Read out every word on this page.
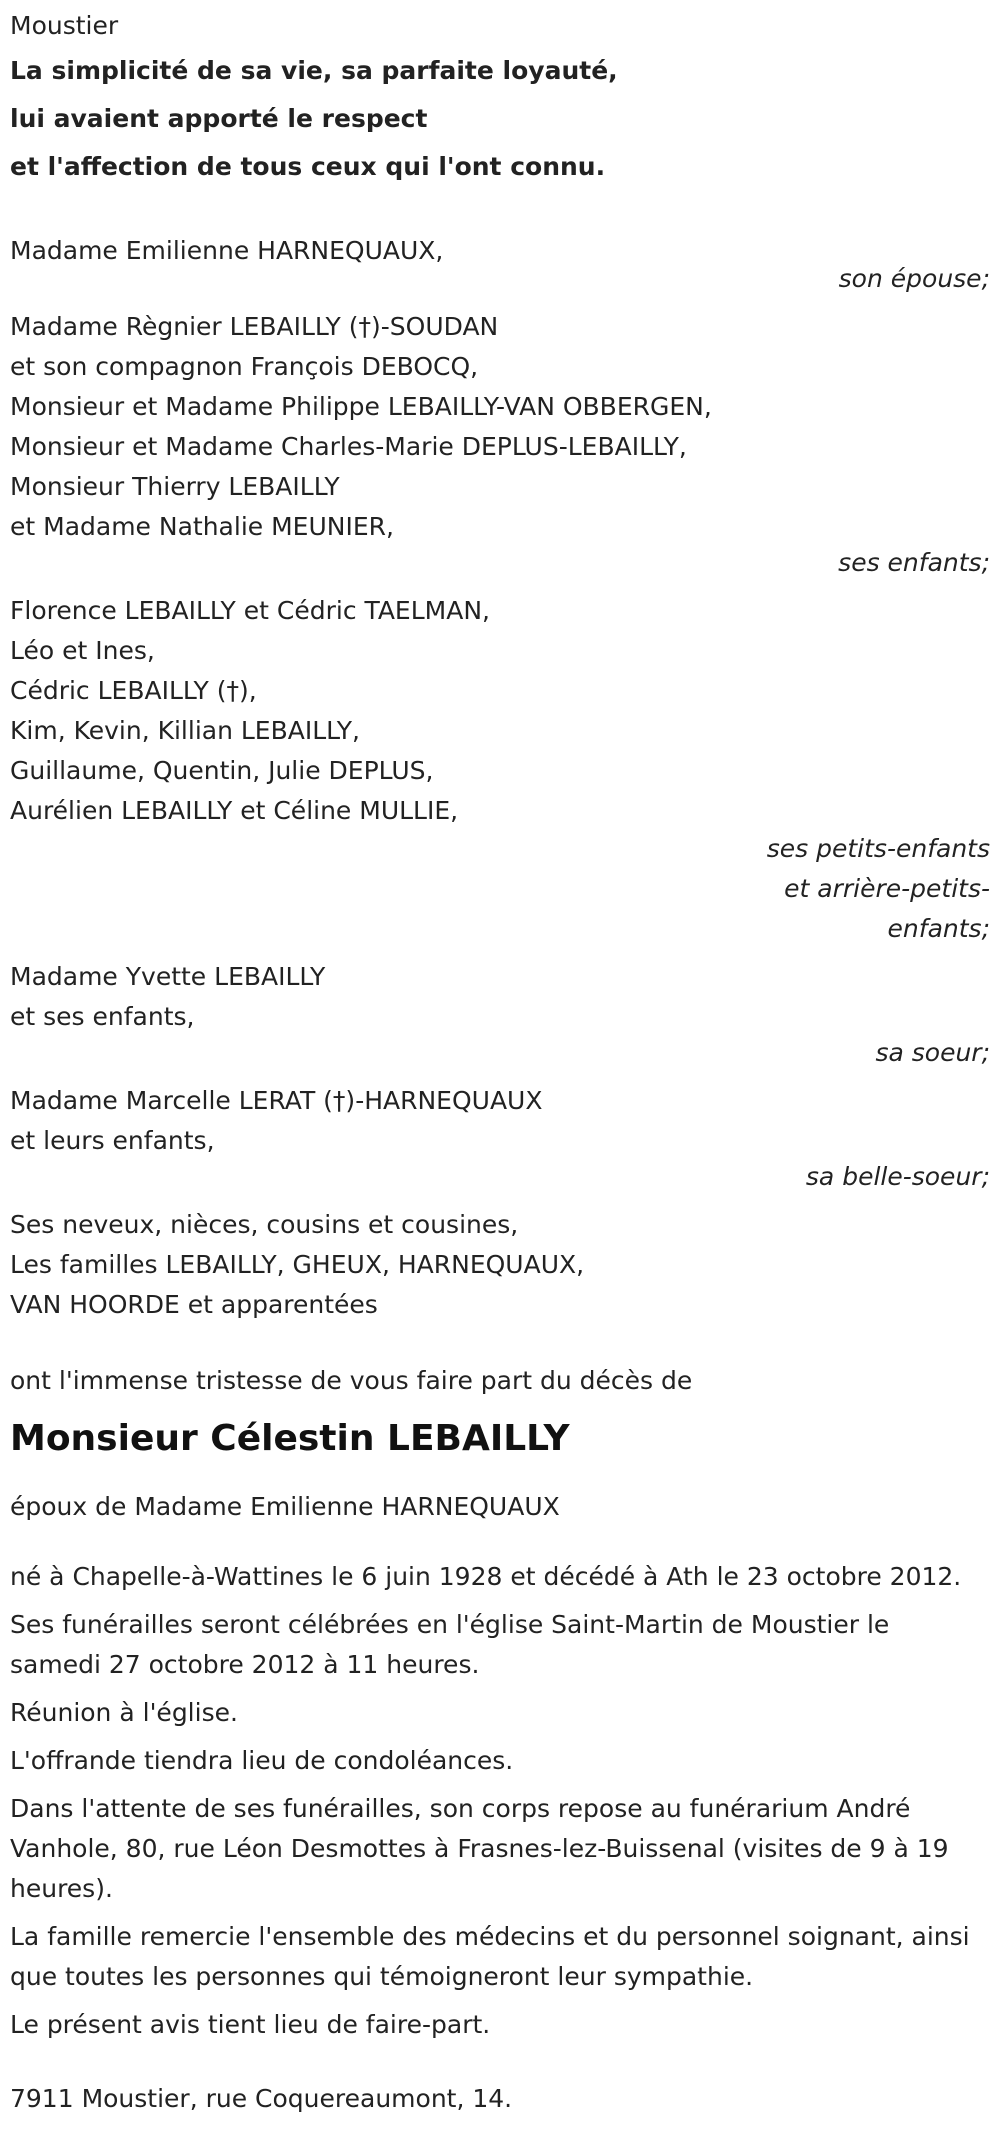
Moustier
La simplicité de sa vie, sa parfaite loyauté,
lui avaient apporté le respect
et l'affection de tous ceux qui l'ont connu.
Madame Emilienne HARNEQUAUX,
son épouse;
Madame Règnier LEBAILLY (†)-SOUDAN
et son compagnon François DEBOCQ,
Monsieur et Madame Philippe LEBAILLY-VAN OBBERGEN,
Monsieur et Madame Charles-Marie DEPLUS-LEBAILLY,
Monsieur Thierry LEBAILLY
et Madame Nathalie MEUNIER,
ses enfants;
Florence LEBAILLY et Cédric TAELMAN,
Léo et Ines,
Cédric LEBAILLY (†),
Kim, Kevin, Killian LEBAILLY,
Guillaume, Quentin, Julie DEPLUS,
Aurélien LEBAILLY et Céline MULLIE,
ses petits-enfants
et arrière-petits-
enfants;
Madame Yvette LEBAILLY
et ses enfants,
sa soeur;
Madame Marcelle LERAT (†)-HARNEQUAUX
et leurs enfants,
sa belle-soeur;
Ses neveux, nièces, cousins et cousines,
Les familles LEBAILLY, GHEUX, HARNEQUAUX,
VAN HOORDE et apparentées
ont l'immense tristesse de vous faire part du décès de
Monsieur Célestin LEBAILLY
époux de Madame Emilienne HARNEQUAUX
né à Chapelle-à-Wattines le 6 juin 1928 et décédé à Ath le 23 octobre 2012.
Ses funérailles seront célébrées en l'église Saint-Martin de Moustier le samedi 27 octobre 2012 à 11 heures.
Réunion à l'église.
L'offrande tiendra lieu de condoléances.
Dans l'attente de ses funérailles, son corps repose au funérarium André Vanhole, 80, rue Léon Desmottes à Frasnes-lez-Buissenal (visites de 9 à 19 heures).
La famille remercie l'ensemble des médecins et du personnel soignant, ainsi que toutes les personnes qui témoigneront leur sympathie.
Le présent avis tient lieu de faire-part.
7911 Moustier, rue Coquereaumont, 14.
